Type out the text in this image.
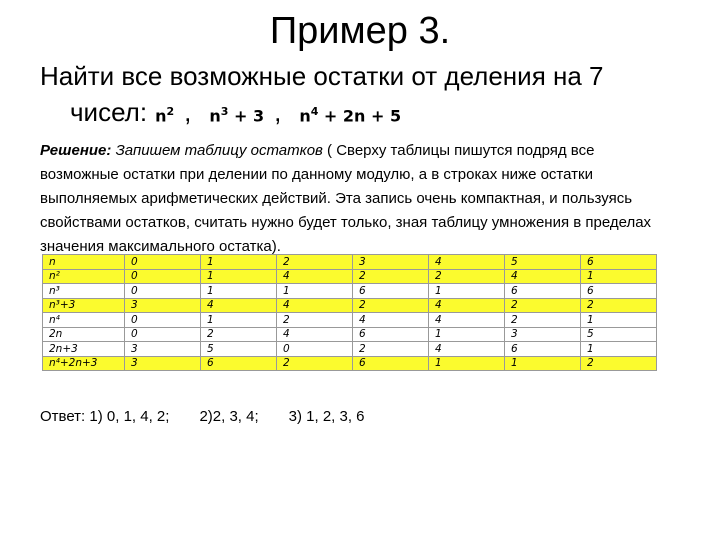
Пример 3.
Найти все возможные остатки от деления на 7
чисел: $n^2$ , $n^3 + 3$ , $n^4 + 2n + 5$
Решение: Запишем таблицу остатков ( Сверху таблицы пишутся подряд все возможные остатки при делении по данному модулю, а в строках ниже остатки выполняемых арифметических действий. Эта запись очень компактная, и пользуясь свойствами остатков, считать нужно будет только, зная таблицу умножения в пределах значения максимального остатка).
n	0	1	2	3	4	5	6
n²	0	1	4	2	2	4	1
n³	0	1	1	6	1	6	6
n³+3	3	4	4	2	4	2	2
n⁴	0	1	2	4	4	2	1
2n	0	2	4	6	1	3	5
2n+3	3	5	0	2	4	6	1
n⁴+2n+3	3	6	2	6	1	1	2
Ответ: 1) 0, 1, 4, 2; 2)2, 3, 4; 3) 1, 2, 3, 6
